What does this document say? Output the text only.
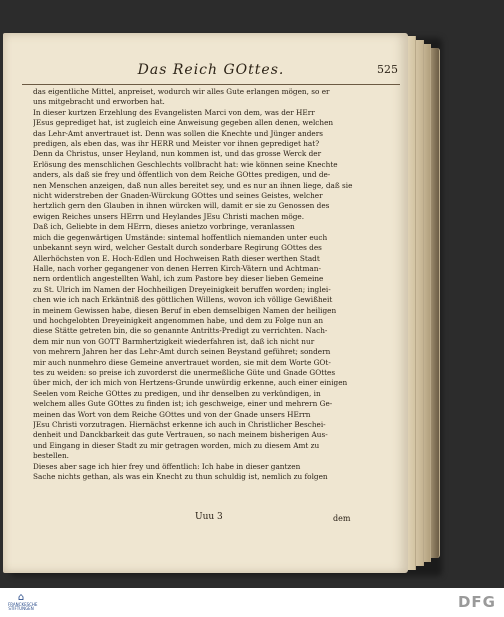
Das Reich GOttes.	525

das eigentliche Mittel, anpreiset, wodurch wir alles Gute erlangen mögen, so er

uns mitgebracht und erworben hat.

In dieser kurtzen Erzehlung des Evangelisten Marci von dem, was der HErr

JEsus geprediget hat, ist zugleich eine Anweisung gegeben allen denen, welchen

das Lehr-Amt anvertrauet ist. Denn was sollen die Knechte und Jünger anders

predigen, als eben das, was ihr HERR und Meister vor ihnen geprediget hat?

Denn da Christus, unser Heyland, nun kommen ist, und das grosse Werck der

Erlösung des menschlichen Geschlechts vollbracht hat: wie können seine Knechte

anders, als daß sie frey und öffentlich von dem Reiche GOttes predigen, und de-

nen Menschen anzeigen, daß nun alles bereitet sey, und es nur an ihnen liege, daß sie

nicht widerstreben der Gnaden-Würckung GOttes und seines Geistes, welcher

hertzlich gern den Glauben in ihnen würcken will, damit er sie zu Genossen des

ewigen Reiches unsers HErrn und Heylandes JEsu Christi machen möge.

Daß ich, Geliebte in dem HErrn, dieses anietzo vorbringe, veranlassen

mich die gegenwärtigen Umstände: sintemal hoffentlich niemanden unter euch

unbekannt seyn wird, welcher Gestalt durch sonderbare Regirung GOttes des

Allerhöchsten von E. Hoch-Edlen und Hochweisen Rath dieser werthen Stadt

Halle, nach vorher gegangener von denen Herren Kirch-Vätern und Achtman-

nern ordentlich angestellten Wahl, ich zum Pastore bey dieser lieben Gemeine

zu St. Ulrich im Namen der Hochheiligen Dreyeinigkeit beruffen worden; inglei-

chen wie ich nach Erkäntniß des göttlichen Willens, wovon ich völlige Gewißheit

in meinem Gewissen habe, diesen Beruf in eben demselbigen Namen der heiligen

und hochgelobten Dreyeinigkeit angenommen habe, und dem zu Folge nun an

diese Stätte getreten bin, die so genannte Antritts-Predigt zu verrichten. Nach-

dem mir nun von GOTT Barmhertzigkeit wiederfahren ist, daß ich nicht nur

von mehrern Jahren her das Lehr-Amt durch seinen Beystand geführet; sondern

mir auch nunmehro diese Gemeine anvertrauet worden, sie mit dem Worte GOt-

tes zu weiden: so preise ich zuvorderst die unermeßliche Güte und Gnade GOttes

über mich, der ich mich von Hertzens-Grunde unwürdig erkenne, auch einer einigen

Seelen vom Reiche GOttes zu predigen, und ihr denselben zu verkündigen, in

welchem alles Gute GOttes zu finden ist; ich geschweige, einer und mehrern Ge-

meinen das Wort von dem Reiche GOttes und von der Gnade unsers HErrn

JEsu Christi vorzutragen. Hiernächst erkenne ich auch in Christlicher Beschei-

denheit und Danckbarkeit das gute Vertrauen, so nach meinem bisherigen Aus-

und Eingang in dieser Stadt zu mir getragen worden, mich zu diesem Amt zu

bestellen.

Dieses aber sage ich hier frey und öffentlich: Ich habe in dieser gantzen

Sache nichts gethan, als was ein Knecht zu thun schuldig ist, nemlich zu folgen

Uuu 3	dem
⌂
FRANCKESCHE STIFTUNGEN	DFG
